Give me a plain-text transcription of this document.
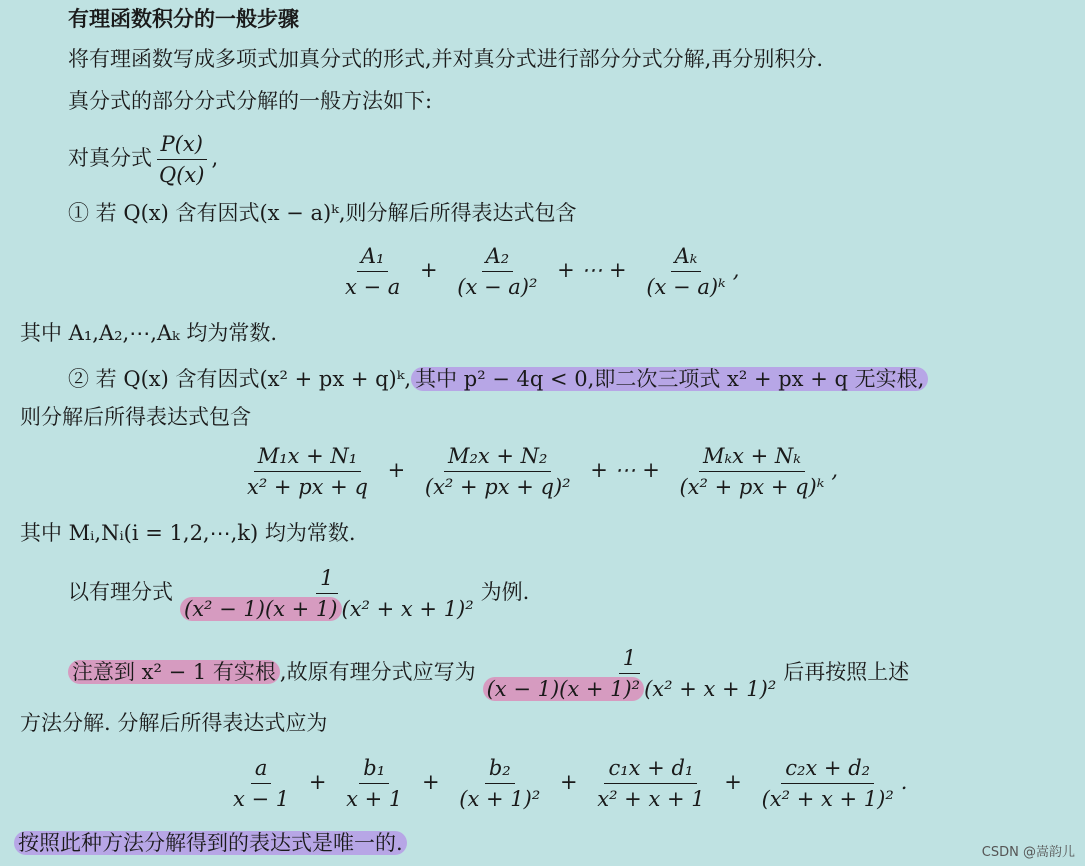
有理函数积分的一般步骤
将有理函数写成多项式加真分式的形式,并对真分式进行部分分式分解,再分别积分.
真分式的部分分式分解的一般方法如下:
对真分式 $\frac{P(x)}{Q(x)}$ ,
① 若 Q(x) 含有因式(x − a)ᵏ,则分解后所得表达式包含
$\frac{\text{A₁}}{x - a} + \frac{\text{A₂}}{\text{(x − a)²}}$ + ⋯ + $\frac{\text{Aₖ}}{\text{(x − a)ᵏ}}$ ,
其中 A₁,A₂,⋯,Aₖ 均为常数.
② 若 Q(x) 含有因式(x² + px + q)ᵏ, 其中 p² − 4q < 0,即二次三项式 x² + px + q 无实根,
则分解后所得表达式包含
$\frac{\text{M₁x + N₁}}{\text{x² + px + q}} + \frac{\text{M₂x + N₂}}{\text{(x² + px + q)²}}$ + ⋯ + $\frac{\text{Mₖx + Nₖ}}{\text{(x² + px + q)ᵏ}}$ ,
其中 Mᵢ,Nᵢ(i = 1,2,⋯,k) 均为常数.
以有理分式 $\frac{1}{\text{(x² − 1)(x + 1) (x² + x + 1)²}}$ 为例.
注意到 x² − 1 有实根 ,故原有理分式应写为 $\frac{1}{\text{(x − 1)(x + 1)² (x² + x + 1)²}}$ 后再按照上述
方法分解. 分解后所得表达式应为
$\frac{a}{x - 1} + \frac{\text{b₁}}{x + 1} + \frac{\text{b₂}}{\text{(x + 1)²}} + \frac{\text{c₁x + d₁}}{\text{x² + x + 1}} + \frac{\text{c₂x + d₂}}{\text{(x² + x + 1)²}}$ .
按照此种方法分解得到的表达式是唯一的.	CSDN @嵩韵儿
